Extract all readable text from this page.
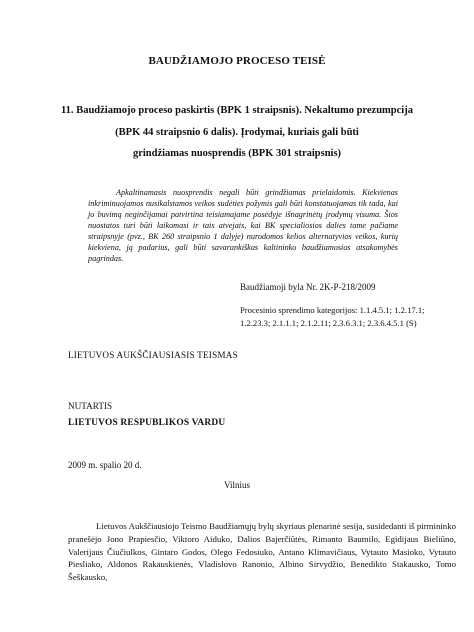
BAUDŽIAMOJO PROCESO TEISĖ
11. Baudžiamojo proceso paskirtis (BPK 1 straipsnis). Nekaltumo prezumpcija
(BPK 44 straipsnio 6 dalis). Įrodymai, kuriais gali būti
grindžiamas nuosprendis (BPK 301 straipsnis)
Apkaltinamasis nuosprendis negali būti grindžiamas prielaidomis. Kiekvienas inkriminuojamos nusikalstamos veikos sudėties požymis gali būti konstatuojamas tik tada, kai jo buvimą neginčijamai patvirtina teisiamajame posėdyje išnagrinėtų įrodymų visuma. Šios nuostatos turi būti laikomasi ir tais atvejais, kai BK specialiosios dalies tame pačiame straipsnyje (pvz., BK 260 straipsnio 1 dalyje) nurodomos kelios alternatyvios veikos, kurių kiekviena, ją padarius, gali būti savarankiškas kaltininko baudžiamosios atsakomybės pagrindas.
Baudžiamoji byla Nr. 2K-P-218/2009
Procesinio sprendimo kategorijos: 1.1.4.5.1; 1.2.17.1; 1.2.23.3; 2.1.1.1; 2.1.2.11; 2.3.6.3.1; 2.3.6.4.5.1 (S)
LIETUVOS AUKŠČIAUSIASIS TEISMAS
NUTARTIS
LIETUVOS RESPUBLIKOS VARDU
2009 m. spalio 20 d.
Vilnius
Lietuvos Aukščiausiojo Teismo Baudžiamųjų bylų skyriaus plenarinė sesija, susidedanti iš pirmininko pranešėjo Jono Prapiesčio, Viktoro Aiduko, Dalios Bajerčiūtės, Rimanto Baumilo, Egidijaus Bieliūno, Valerijaus Čiučiulkos, Gintaro Godos, Olego Fedosiuko, Antano Klimavičiaus, Vytauto Masioko, Vytauto Piesliako, Aldonos Rakauskienės, Vladislovo Ranonio, Albino Sirvydžio, Benedikto Stakausko, Tomo Šeškausko,
